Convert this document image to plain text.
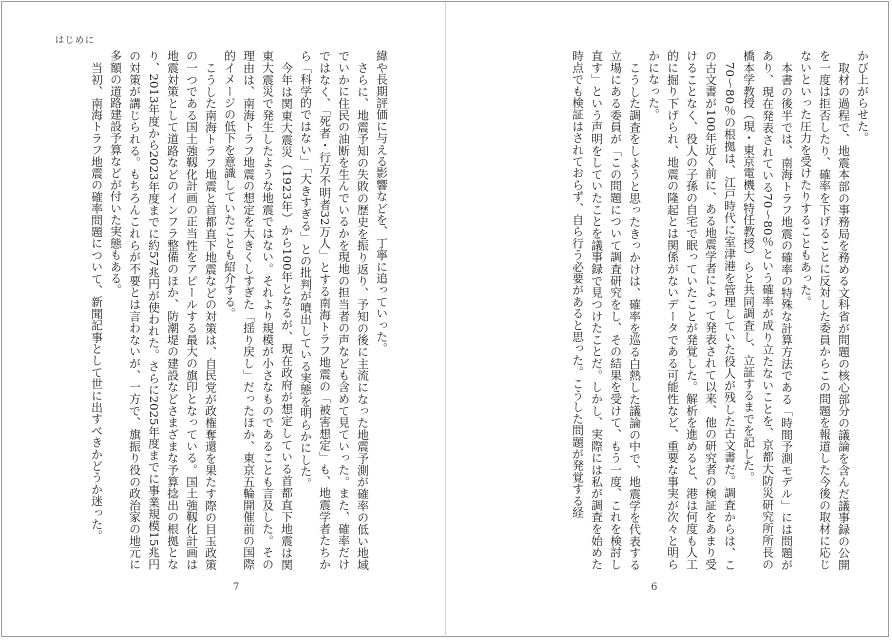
はじめに

緯や長期評価に与える影響などを、丁寧に追っていった。

さらに、地震予知の失敗の歴史を振り返り、予知の後に主流になった地震予測が確率の低い地域でいかに住民の油断を生んでいるかを現地の担当者の声なども含めて見ていった。また、確率だけではなく、「死者・行方不明者32万人」とする南海トラフ地震の「被害想定」も、地震学者たちから「科学的ではない」「大きすぎる」との批判が噴出している実態を明らかにした。

今年は関東大震災（1923年）から100年となるが、現在政府が想定している首都直下地震は関東大震災で発生したような地震ではない。それより規模が小さなものであることも言及した。その理由は、南海トラフ地震の想定を大きくしすぎた「揺り戻し」だったほか、東京五輪開催前の国際的イメージの低下を意識していたことも紹介する。

こうした南海トラフ地震と首都直下地震などの対策は、自民党が政権奪還を果たす際の目玉政策の一つである国土強靱化計画の正当性をアピールする最大の旗印となっている。国土強靱化計画は地震対策として道路などのインフラ整備のほか、防潮堤の建設などさまざまな予算捻出の根拠となり、2013年度から2023年度までに約57兆円が使われた。さらに2025年度までに事業規模15兆円の対策が講じられる。もちろんこれらが不要とは言わないが、一方で、旗振り役の政治家の地元に多額の道路建設予算などが付いた実態もある。

当初、南海トラフ地震の確率問題について、新聞記事として世に出すべきかどうか迷った。

7

かび上がらせた。

取材の過程で、地震本部の事務局を務める文科省が問題の核心部分の議論を含んだ議事録の公開を一度は拒否したり、確率を下げることに反対した委員からこの問題を報道した今後の取材に応じないといった圧力を受けたりすることもあった。

本書の後半では、南海トラフ地震の確率の特殊な計算方法である「時間予測モデル」には問題があり、現在発表されている70〜80％という確率が成り立たないことを、京都大防災研究所所長の橋本学教授（現・東京電機大特任教授）らと共同調査し、立証するまでを記した。

70〜80％の根拠は、江戸時代に室津港を管理していた役人が残した古文書だ。調査からは、この古文書が100年近く前に、ある地震学者によって発表されて以来、他の研究者の検証をあまり受けることなく、役人の子孫の自宅で眠っていたことが発覚した。解析を進めると、港は何度も人工的に掘り下げられ、地震の隆起とは関係がないデータである可能性など、重要な事実が次々と明らかになった。

こうした調査をしようと思ったきっかけは、確率を巡る白熱した議論の中で、地震学を代表する立場にある委員が「この問題について調査研究をし、その結果を受けて、もう一度、これを検討し直す」という声明をしていたことを議事録で見つけたことだ。しかし、実際には私が調査を始めた時点でも検証はされておらず、自ら行う必要があると思った。こうした問題が発覚する経

6
